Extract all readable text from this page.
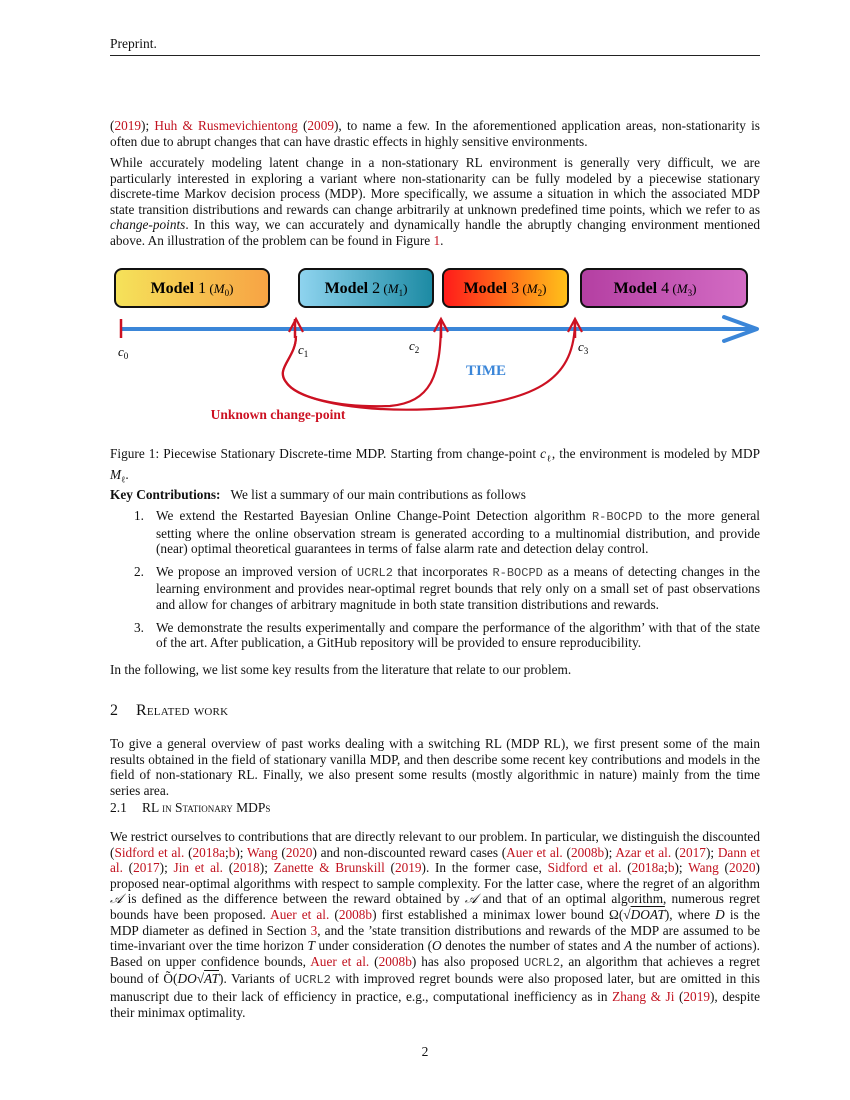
Preprint.
(2019); Huh & Rusmevichientong (2009), to name a few. In the aforementioned application areas, non-stationarity is often due to abrupt changes that can have drastic effects in highly sensitive environments.
While accurately modeling latent change in a non-stationary RL environment is generally very difficult, we are particularly interested in exploring a variant where non-stationarity can be fully modeled by a piecewise stationary discrete-time Markov decision process (MDP). More specifically, we assume a situation in which the associated MDP state transition distributions and rewards can change arbitrarily at unknown predefined time points, which we refer to as change-points. In this way, we can accurately and dynamically handle the abruptly changing environment mentioned above. An illustration of the problem can be found in Figure 1.
Model 1 (M0)	Model 2 (M1)	Model 3 (M2)	Model 4 (M3)
$c_0$	$c_1$
$c_2$	$c_3$
TIME
Unknown change-point
Figure 1: Piecewise Stationary Discrete-time MDP. Starting from change-point $c_\ell$, the environment is modeled by MDP $M_\ell$.
Key Contributions: We list a summary of our main contributions as follows
1. We extend the Restarted Bayesian Online Change-Point Detection algorithm R-BOCPD to the more general setting where the online observation stream is generated according to a multinomial distribution, and provide (near) optimal theoretical guarantees in terms of false alarm rate and detection delay control.
2. We propose an improved version of UCRL2 that incorporates R-BOCPD as a means of detecting changes in the learning environment and provides near-optimal regret bounds that rely only on a small set of past observations and allow for changes of arbitrary magnitude in both state transition distributions and rewards.
3. We demonstrate the results experimentally and compare the performance of the algorithm’ with that of the state of the art. After publication, a GitHub repository will be provided to ensure reproducibility.
In the following, we list some key results from the literature that relate to our problem.
2 Related work
To give a general overview of past works dealing with a switching RL (MDP RL), we first present some of the main results obtained in the field of stationary vanilla MDP, and then describe some recent key contributions and models in the field of non-stationary RL. Finally, we also present some results (mostly algorithmic in nature) mainly from the time series area.
2.1 RL in Stationary MDPs
We restrict ourselves to contributions that are directly relevant to our problem. In particular, we distinguish the discounted (Sidford et al. (2018a;b); Wang (2020) and non-discounted reward cases (Auer et al. (2008b); Azar et al. (2017); Dann et al. (2017); Jin et al. (2018); Zanette & Brunskill (2019). In the former case, Sidford et al. (2018a;b); Wang (2020) proposed near-optimal algorithms with respect to sample complexity. For the latter case, where the regret of an algorithm 𝒜 is defined as the difference between the reward obtained by 𝒜 and that of an optimal algorithm, numerous regret bounds have been proposed. Auer et al. (2008b) first established a minimax lower bound Ω(√DOAT), where D is the MDP diameter as defined in Section 3, and the ’state transition distributions and rewards of the MDP are assumed to be time-invariant over the time horizon T under consideration (O denotes the number of states and A the number of actions). Based on upper confidence bounds, Auer et al. (2008b) has also proposed UCRL2, an algorithm that achieves a regret bound of Õ(DO√AT). Variants of UCRL2 with improved regret bounds were also proposed later, but are omitted in this manuscript due to their lack of efficiency in practice, e.g., computational inefficiency as in Zhang & Ji (2019), despite their minimax optimality.
2
